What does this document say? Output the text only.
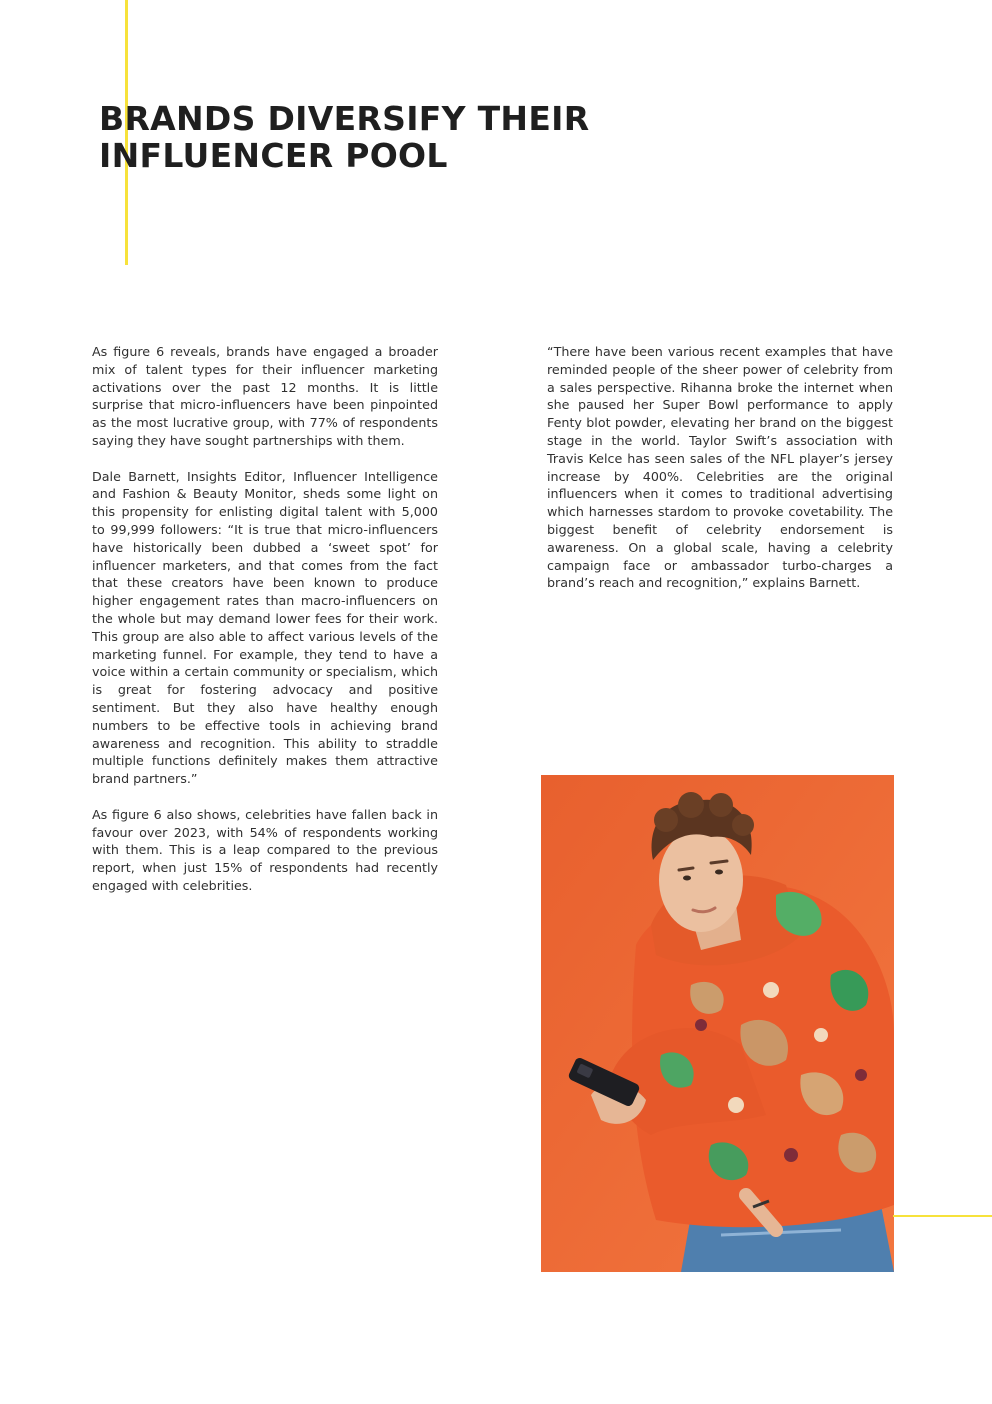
BRANDS DIVERSIFY THEIR
INFLUENCER POOL

As figure 6 reveals, brands have engaged a broader mix of talent types for their influencer marketing activations over the past 12 months. It is little surprise that micro-influencers have been pinpointed as the most lucrative group, with 77% of respondents saying they have sought partnerships with them.

Dale Barnett, Insights Editor, Influencer Intelligence and Fashion & Beauty Monitor, sheds some light on this propensity for enlisting digital talent with 5,000 to 99,999 followers: “It is true that micro-influencers have historically been dubbed a ‘sweet spot’ for influencer marketers, and that comes from the fact that these creators have been known to produce higher engagement rates than macro-influencers on the whole but may demand lower fees for their work. This group are also able to affect various levels of the marketing funnel. For example, they tend to have a voice within a certain community or specialism, which is great for fostering advocacy and positive sentiment. But they also have healthy enough numbers to be effective tools in achieving brand awareness and recognition. This ability to straddle multiple functions definitely makes them attractive brand partners.”

As figure 6 also shows, celebrities have fallen back in favour over 2023, with 54% of respondents working with them. This is a leap compared to the previous report, when just 15% of respondents had recently engaged with celebrities.

“There have been various recent examples that have reminded people of the sheer power of celebrity from a sales perspective. Rihanna broke the internet when she paused her Super Bowl performance to apply Fenty blot powder, elevating her brand on the biggest stage in the world. Taylor Swift’s association with Travis Kelce has seen sales of the NFL player’s jersey increase by 400%. Celebrities are the original influencers when it comes to traditional advertising which harnesses stardom to provoke covetability. The biggest benefit of celebrity endorsement is awareness. On a global scale, having a celebrity campaign face or ambassador turbo-charges a brand’s reach and recognition,” explains Barnett.
